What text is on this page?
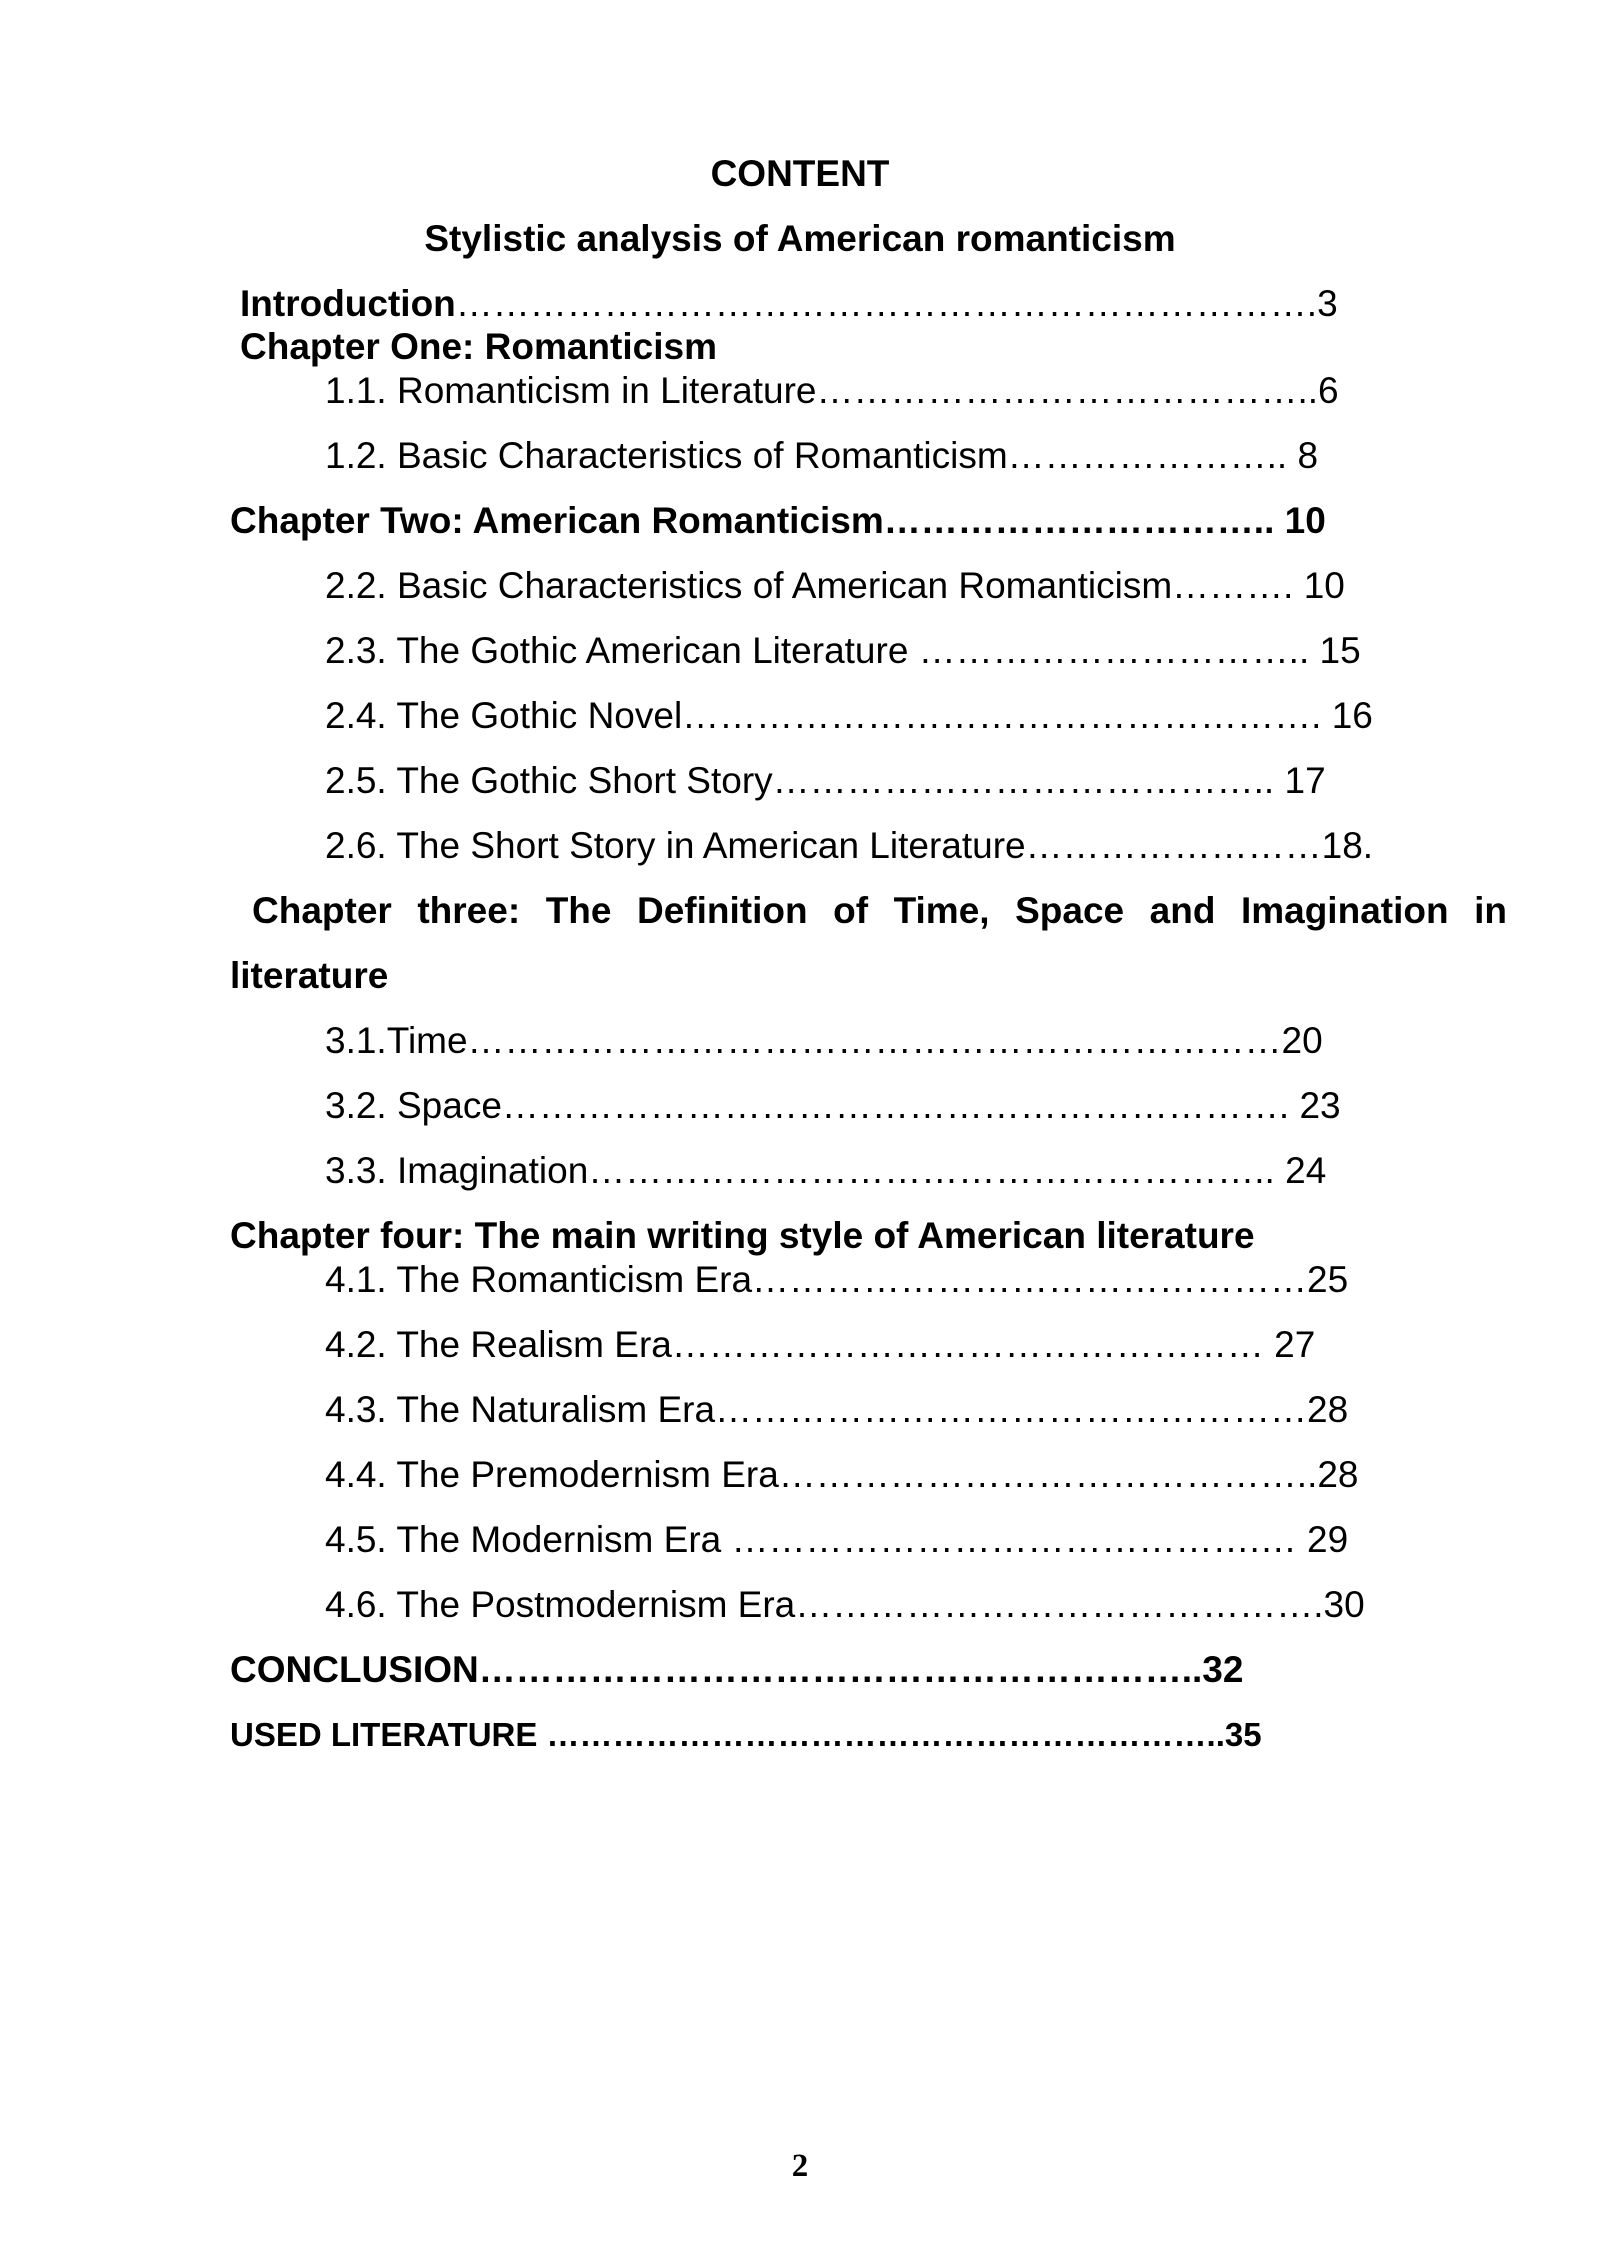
CONTENT
Stylistic analysis of American romanticism
Introduction…………………………………………………………….3
Chapter One: Romanticism
1.1. Romanticism in Literature…………………………………..6
1.2. Basic Characteristics of Romanticism………………….. 8
Chapter Two: American Romanticism………………………….. 10
2.2. Basic Characteristics of American Romanticism………. 10
2.3. The Gothic American Literature ………………………….. 15
2.4. The Gothic Novel……………………………………………. 16
2.5. The Gothic Short Story………………………………….. 17
2.6. The Short Story in American Literature……………………18.
Chapter three: The Definition of Time, Space and Imagination in
literature
3.1.Time…………………………………………………………20
3.2. Space………………………………………………………. 23
3.3. Imagination……………………………………………….. 24
Chapter four: The main writing style of American literature
4.1. The Romanticism Era………………………………………25
4.2. The Realism Era………………………………………… 27
4.3. The Naturalism Era…………………………………………28
4.4. The Premodernism Era……………………………………..28
4.5. The Modernism Era …………………………………….… 29
4.6. The Postmodernism Era…………………………………….30
CONCLUSION…………………………………………………..32
USED LITERATURE ……………………………………………………..35
2
